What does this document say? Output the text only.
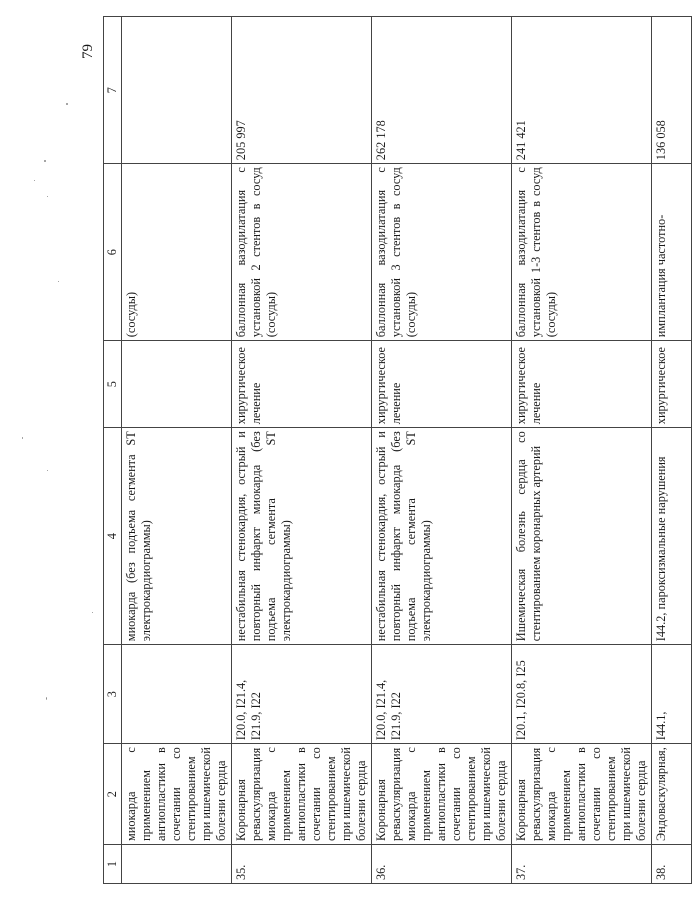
79
1	2	3	4	5	6	7
	миокарда с применением ангиопластики в сочетании со стентированием при ишемической болезни сердца		миокарда (без подъема сегмента ST электрокардиограммы)		(сосуды)	
35.	Коронарная реваскуляризация миокарда с применением ангиопластики в сочетании со стентированием при ишемической болезни сердца	I20.0, I21.4, I21.9, I22	нестабильная стенокардия, острый и повторный инфаркт миокарда (без подъема сегмента ST электрокардиограммы)	хирургическое лечение	баллонная вазодилатация с установкой 2 стентов в сосуд (сосуды)	205 997
36.	Коронарная реваскуляризация миокарда с применением ангиопластики в сочетании со стентированием при ишемической болезни сердца	I20.0, I21.4, I21.9, I22	нестабильная стенокардия, острый и повторный инфаркт миокарда (без подъема сегмента ST электрокардиограммы)	хирургическое лечение	баллонная вазодилатация с установкой 3 стентов в сосуд (сосуды)	262 178
37.	Коронарная реваскуляризация миокарда с применением ангиопластики в сочетании со стентированием при ишемической болезни сердца	I20.1, I20.8, I25	Ишемическая болезнь сердца со стентированием коронарных артерий	хирургическое лечение	баллонная вазодилатация с установкой 1-3 стентов в сосуд (сосуды)	241 421
38.	Эндоваскулярная,	I44.1,	I44.2, пароксизмальные нарушения	хирургическое	имплантация частотно-	136 058
